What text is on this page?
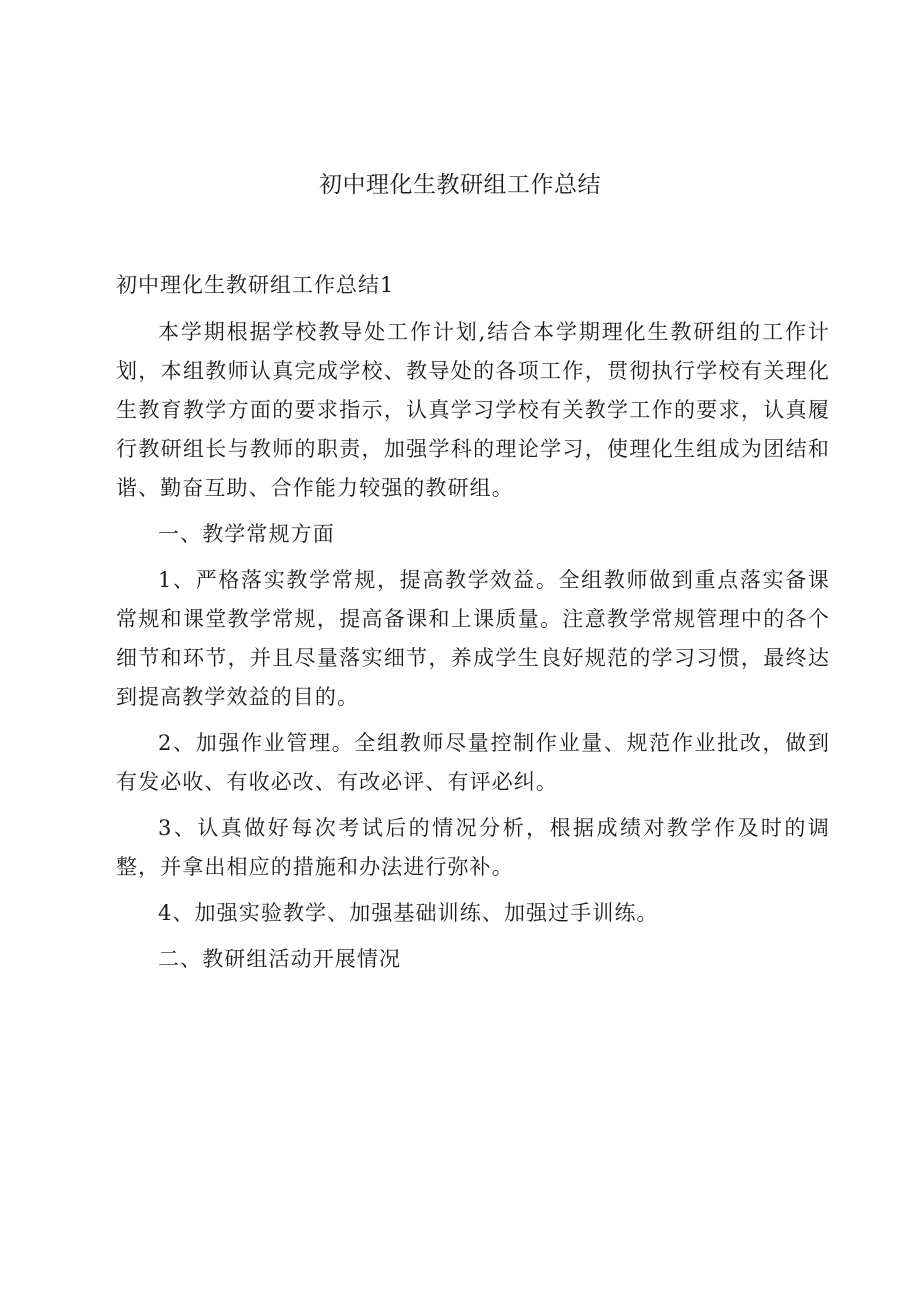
初中理化生教研组工作总结
初中理化生教研组工作总结1

本学期根据学校教导处工作计划,结合本学期理化生教研组的工作计划，本组教师认真完成学校、教导处的各项工作，贯彻执行学校有关理化生教育教学方面的要求指示，认真学习学校有关教学工作的要求，认真履行教研组长与教师的职责，加强学科的理论学习，使理化生组成为团结和谐、勤奋互助、合作能力较强的教研组。

一、教学常规方面

1、严格落实教学常规，提高教学效益。全组教师做到重点落实备课常规和课堂教学常规，提高备课和上课质量。注意教学常规管理中的各个细节和环节，并且尽量落实细节，养成学生良好规范的学习习惯，最终达到提高教学效益的目的。

2、加强作业管理。全组教师尽量控制作业量、规范作业批改，做到有发必收、有收必改、有改必评、有评必纠。

3、认真做好每次考试后的情况分析，根据成绩对教学作及时的调整，并拿出相应的措施和办法进行弥补。

4、加强实验教学、加强基础训练、加强过手训练。

二、教研组活动开展情况
